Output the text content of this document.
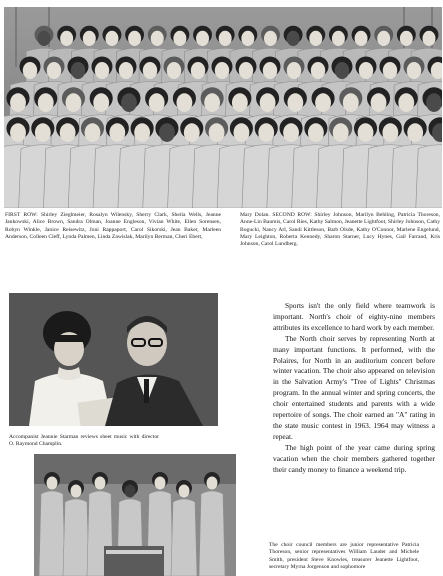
FIRST ROW: Shirley Zieglmeier, Rosalyn Wilensky, Sherry Clark, Sheila Wells, Jeanne Jankowski, Alice Brown, Sandra Olman, Joanne Engleson, Vivian White, Ellen Sorensen, Robyn Winkle, Janice Reisewitz, Joni Rappaport, Carol Sikorski, Jean Baker, Marleen Anderson, Colleen Cleff, Lynda Palmen, Linda Zawislak, Marilyn Berman, Cheri Ebert,
Mary Dolan. SECOND ROW: Shirley Johnson, Marilyn Behling, Patricia Thoreson, Anne-Lin Baumis, Carol Ries, Kathy Salmon, Jeanette Lightfoot, Shirley Johnson, Cathy Bogucki, Nancy Arl, Sandi Kittleson, Barb Olsde, Kathy O'Connor, Marlene Engelund, Mary Leighton, Roberta Kennedy, Sharon Starner, Lucy Hynes, Gail Farrand, Kris Johnson, Carol Lundberg.
Accompanist Jeannie Starman reviews sheet music with director O. Raymond Champlin.

Sports isn't the only field where teamwork is important. North's choir of eighty-nine members attributes its excellence to hard work by each member.

The North choir serves by representing North at many important functions. It performed, with the Polaires, for North in an auditorium concert before winter vacation. The choir also appeared on television in the Salvation Army's "Tree of Lights" Christmas program. In the annual winter and spring concerts, the choir entertained students and parents with a wide repertoire of songs. The choir earned an "A" rating in the state music contest in 1963. 1964 may witness a repeat.

The high point of the year came during spring vacation when the choir members gathered together their candy money to finance a weekend trip.

The choir council members are junior representative Patricia Thoreson, senior representatives William Lauder and Michele Smith, president Steve Knowles, treasurer Jeanette Lightfoot, secretary Myrna Jorgenson and sophomore
